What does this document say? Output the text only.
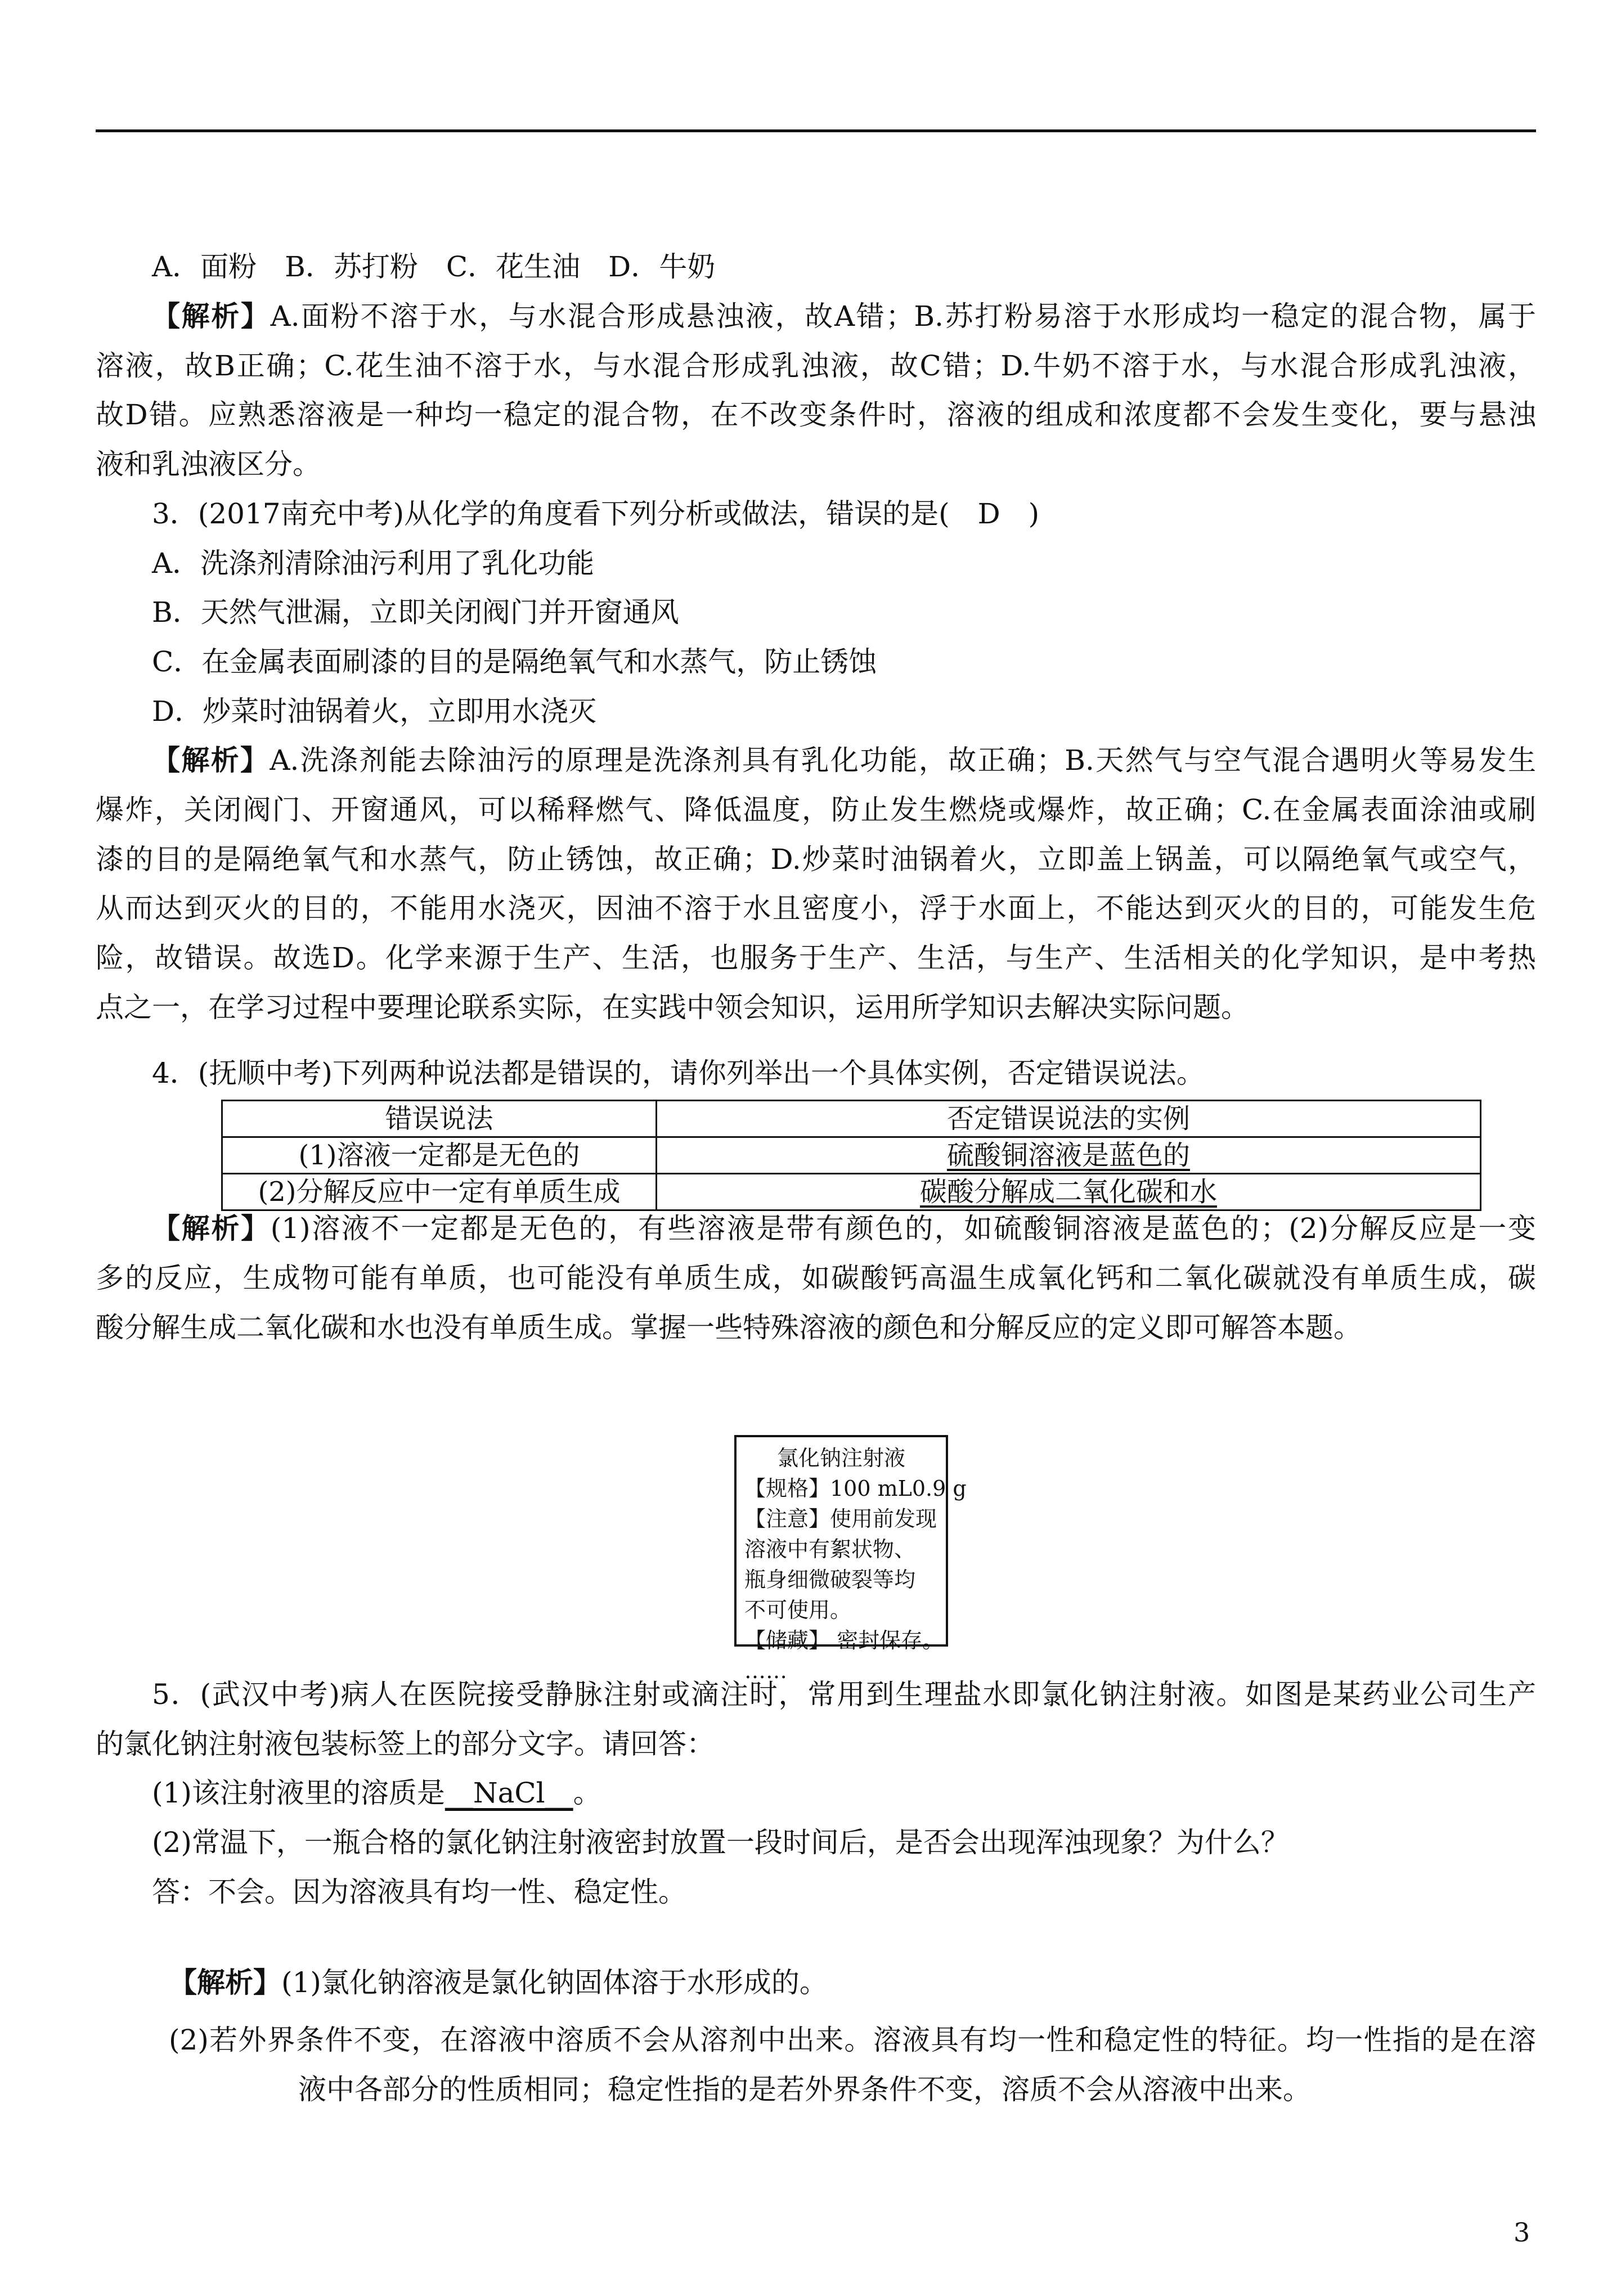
A．面粉　B．苏打粉　C．花生油　D．牛奶
【解析】A.面粉不溶于水，与水混合形成悬浊液，故A错；B.苏打粉易溶于水形成均一稳定的混合物，属于
溶液，故B正确；C.花生油不溶于水，与水混合形成乳浊液，故C错；D.牛奶不溶于水，与水混合形成乳浊液，
故D错。应熟悉溶液是一种均一稳定的混合物，在不改变条件时，溶液的组成和浓度都不会发生变化，要与悬浊
液和乳浊液区分。
3．(2017南充中考)从化学的角度看下列分析或做法，错误的是(　D　)
A．洗涤剂清除油污利用了乳化功能
B．天然气泄漏，立即关闭阀门并开窗通风
C．在金属表面刷漆的目的是隔绝氧气和水蒸气，防止锈蚀
D．炒菜时油锅着火，立即用水浇灭
【解析】A.洗涤剂能去除油污的原理是洗涤剂具有乳化功能，故正确；B.天然气与空气混合遇明火等易发生
爆炸，关闭阀门、开窗通风，可以稀释燃气、降低温度，防止发生燃烧或爆炸，故正确；C.在金属表面涂油或刷
漆的目的是隔绝氧气和水蒸气，防止锈蚀，故正确；D.炒菜时油锅着火，立即盖上锅盖，可以隔绝氧气或空气，
从而达到灭火的目的，不能用水浇灭，因油不溶于水且密度小，浮于水面上，不能达到灭火的目的，可能发生危
险，故错误。故选D。化学来源于生产、生活，也服务于生产、生活，与生产、生活相关的化学知识，是中考热
点之一，在学习过程中要理论联系实际，在实践中领会知识，运用所学知识去解决实际问题。
4．(抚顺中考)下列两种说法都是错误的，请你列举出一个具体实例，否定错误说法。
错误说法	否定错误说法的实例
(1)溶液一定都是无色的	硫酸铜溶液是蓝色的
(2)分解反应中一定有单质生成	碳酸分解成二氧化碳和水
【解析】(1)溶液不一定都是无色的，有些溶液是带有颜色的，如硫酸铜溶液是蓝色的；(2)分解反应是一变
多的反应，生成物可能有单质，也可能没有单质生成，如碳酸钙高温生成氧化钙和二氧化碳就没有单质生成，碳
酸分解生成二氧化碳和水也没有单质生成。掌握一些特殊溶液的颜色和分解反应的定义即可解答本题。

氯化钠注射液

【规格】100 mL0.9 g

【注意】使用前发现

溶液中有絮状物、

瓶身细微破裂等均

不可使用。

【储藏】 密封保存。

……

5．(武汉中考)病人在医院接受静脉注射或滴注时，常用到生理盐水即氯化钠注射液。如图是某药业公司生产
的氯化钠注射液包装标签上的部分文字。请回答：
(1)该注射液里的溶质是__NaCl__。
(2)常温下，一瓶合格的氯化钠注射液密封放置一段时间后，是否会出现浑浊现象？为什么？
答：不会。因为溶液具有均一性、稳定性。
【解析】(1)氯化钠溶液是氯化钠固体溶于水形成的。
(2)若外界条件不变，在溶液中溶质不会从溶剂中出来。溶液具有均一性和稳定性的特征。均一性指的是在溶
液中各部分的性质相同；稳定性指的是若外界条件不变，溶质不会从溶液中出来。
3
